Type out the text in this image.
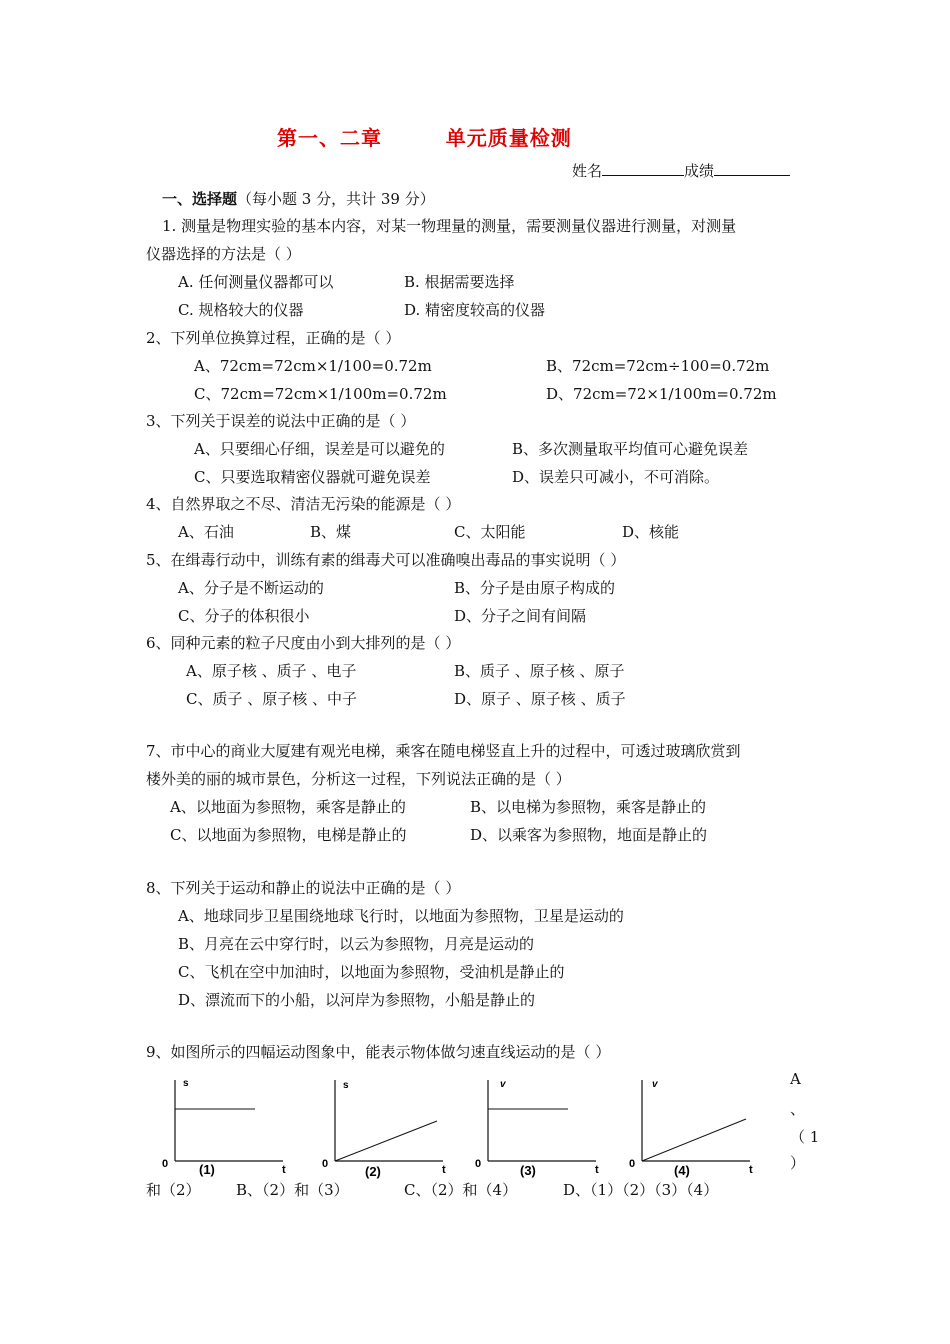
第一、二章        单元质量检测
姓名	成绩
一、选择题（每小题 3 分，共计 39 分）
1. 测量是物理实验的基本内容，对某一物理量的测量，需要测量仪器进行测量，对测量
仪器选择的方法是（ ）
A. 任何测量仪器都可以	B. 根据需要选择
C. 规格较大的仪器	D. 精密度较高的仪器
2、下列单位换算过程，正确的是（ ）
A、72cm=72cm×1/100=0.72m	B、72cm=72cm÷100=0.72m
C、72cm=72cm×1/100m=0.72m	D、72cm=72×1/100m=0.72m
3、下列关于误差的说法中正确的是（ ）
A、只要细心仔细，误差是可以避免的	B、多次测量取平均值可心避免误差
C、只要选取精密仪器就可避免误差	D、误差只可减小，不可消除。
4、自然界取之不尽、清洁无污染的能源是（ ）
A、石油	B、煤	C、太阳能	D、核能
5、在缉毒行动中，训练有素的缉毒犬可以准确嗅出毒品的事实说明（ ）
A、分子是不断运动的	B、分子是由原子构成的
C、分子的体积很小	D、分子之间有间隔
6、同种元素的粒子尺度由小到大排列的是（ ）
A、原子核 、质子 、电子	B、质子 、原子核 、原子
C、质子 、原子核 、中子	D、原子 、原子核 、质子
7、市中心的商业大厦建有观光电梯，乘客在随电梯竖直上升的过程中，可透过玻璃欣赏到
楼外美的丽的城市景色，分析这一过程，下列说法正确的是（ ）
A、以地面为参照物，乘客是静止的	B、以电梯为参照物，乘客是静止的
C、以地面为参照物，电梯是静止的	D、以乘客为参照物，地面是静止的
8、下列关于运动和静止的说法中正确的是（ ）
A、地球同步卫星围绕地球飞行时，以地面为参照物，卫星是运动的
B、月亮在云中穿行时，以云为参照物，月亮是运动的
C、飞机在空中加油时，以地面为参照物，受油机是静止的
D、漂流而下的小船，以河岸为参照物，小船是静止的
9、如图所示的四幅运动图象中，能表示物体做匀速直线运动的是（ ）
s
0	t
(1)
s
0	t
(2)
v
0	t
(3)
v
0	t
(4)
A
、
（ 1
）
和（2） B、（2）和（3）	C、（2）和（4）	D、（1）（2）（3）（4）
